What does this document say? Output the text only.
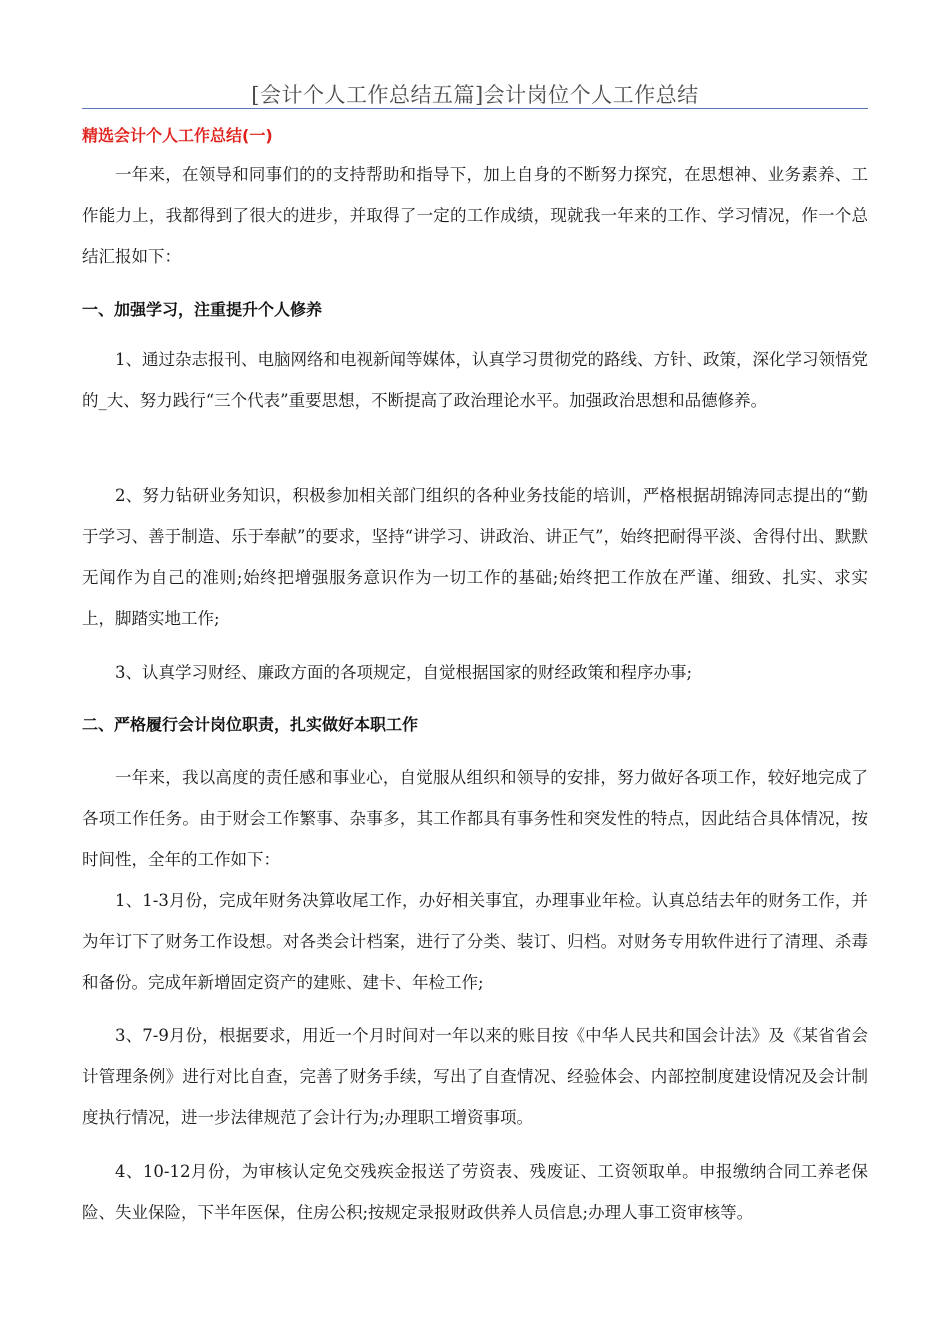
[会计个人工作总结五篇]会计岗位个人工作总结
精选会计个人工作总结(一)

一年来，在领导和同事们的的支持帮助和指导下，加上自身的不断努力探究，在思想神、业务素养、工作能力上，我都得到了很大的进步，并取得了一定的工作成绩，现就我一年来的工作、学习情况，作一个总结汇报如下：

一、加强学习，注重提升个人修养

1、通过杂志报刊、电脑网络和电视新闻等媒体，认真学习贯彻党的路线、方针、政策，深化学习领悟党的_大、努力践行“三个代表”重要思想，不断提高了政治理论水平。加强政治思想和品德修养。

2、努力钻研业务知识，积极参加相关部门组织的各种业务技能的培训，严格根据胡锦涛同志提出的“勤于学习、善于制造、乐于奉献”的要求，坚持“讲学习、讲政治、讲正气”，始终把耐得平淡、舍得付出、默默无闻作为自己的准则;始终把增强服务意识作为一切工作的基础;始终把工作放在严谨、细致、扎实、求实上，脚踏实地工作;

3、认真学习财经、廉政方面的各项规定，自觉根据国家的财经政策和程序办事;

二、严格履行会计岗位职责，扎实做好本职工作

一年来，我以高度的责任感和事业心，自觉服从组织和领导的安排，努力做好各项工作，较好地完成了各项工作任务。由于财会工作繁事、杂事多，其工作都具有事务性和突发性的特点，因此结合具体情况，按时间性，全年的工作如下：

1、1-3月份，完成年财务决算收尾工作，办好相关事宜，办理事业年检。认真总结去年的财务工作，并为年订下了财务工作设想。对各类会计档案，进行了分类、装订、归档。对财务专用软件进行了清理、杀毒和备份。完成年新增固定资产的建账、建卡、年检工作;

3、7-9月份，根据要求，用近一个月时间对一年以来的账目按《中华人民共和国会计法》及《某省省会计管理条例》进行对比自查，完善了财务手续，写出了自查情况、经验体会、内部控制度建设情况及会计制度执行情况，进一步法律规范了会计行为;办理职工增资事项。

4、10-12月份，为审核认定免交残疾金报送了劳资表、残废证、工资领取单。申报缴纳合同工养老保险、失业保险，下半年医保，住房公积;按规定录报财政供养人员信息;办理人事工资审核等。
